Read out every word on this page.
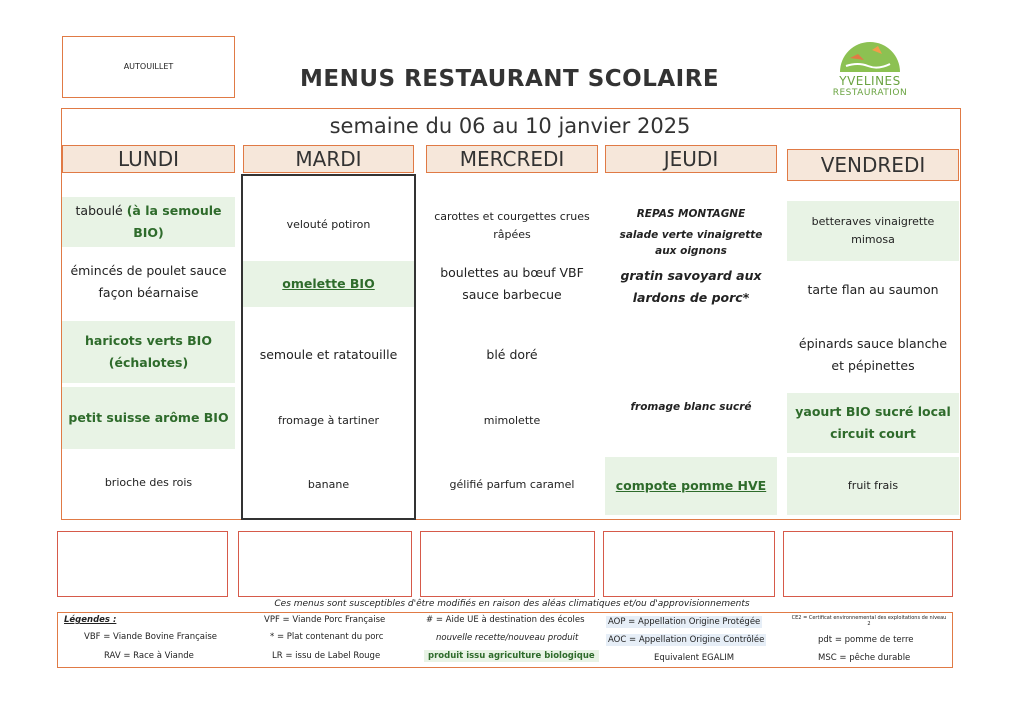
AUTOUILLET	MENUS RESTAURANT SCOLAIRE	YVELINES
RESTAURATION
semaine du 06 au 10 janvier 2025
LUNDI
taboulé (à la semoule BIO)
émincés de poulet sauce façon béarnaise
haricots verts BIO (échalotes)
petit suisse arôme BIO
brioche des rois
MARDI
velouté potiron
omelette BIO
semoule et ratatouille
fromage à tartiner
banane
MERCREDI
carottes et courgettes crues râpées
boulettes au bœuf VBF sauce barbecue
blé doré
mimolette
gélifié parfum caramel
JEUDI
REPAS MONTAGNE
salade verte vinaigrette aux oignons
gratin savoyard aux lardons de porc*
fromage blanc sucré
compote pomme HVE
VENDREDI
betteraves vinaigrette mimosa
tarte flan au saumon
épinards sauce blanche et pépinettes
yaourt BIO sucré local circuit court
fruit frais
Ces menus sont susceptibles d'être modifiés en raison des aléas climatiques et/ou d'approvisionnements
Légendes :
VBF = Viande Bovine Française
RAV = Race à Viande
VPF = Viande Porc Française
* = Plat contenant du porc
LR = issu de Label Rouge
# = Aide UE à destination des écoles
nouvelle recette/nouveau produit
produit issu agriculture biologique
AOP = Appellation Origine Protégée
AOC = Appellation Origine Contrôlée
Equivalent EGALIM
CE2 = Certificat environnemental des exploitations de niveau 2
pdt = pomme de terre
MSC = pêche durable
